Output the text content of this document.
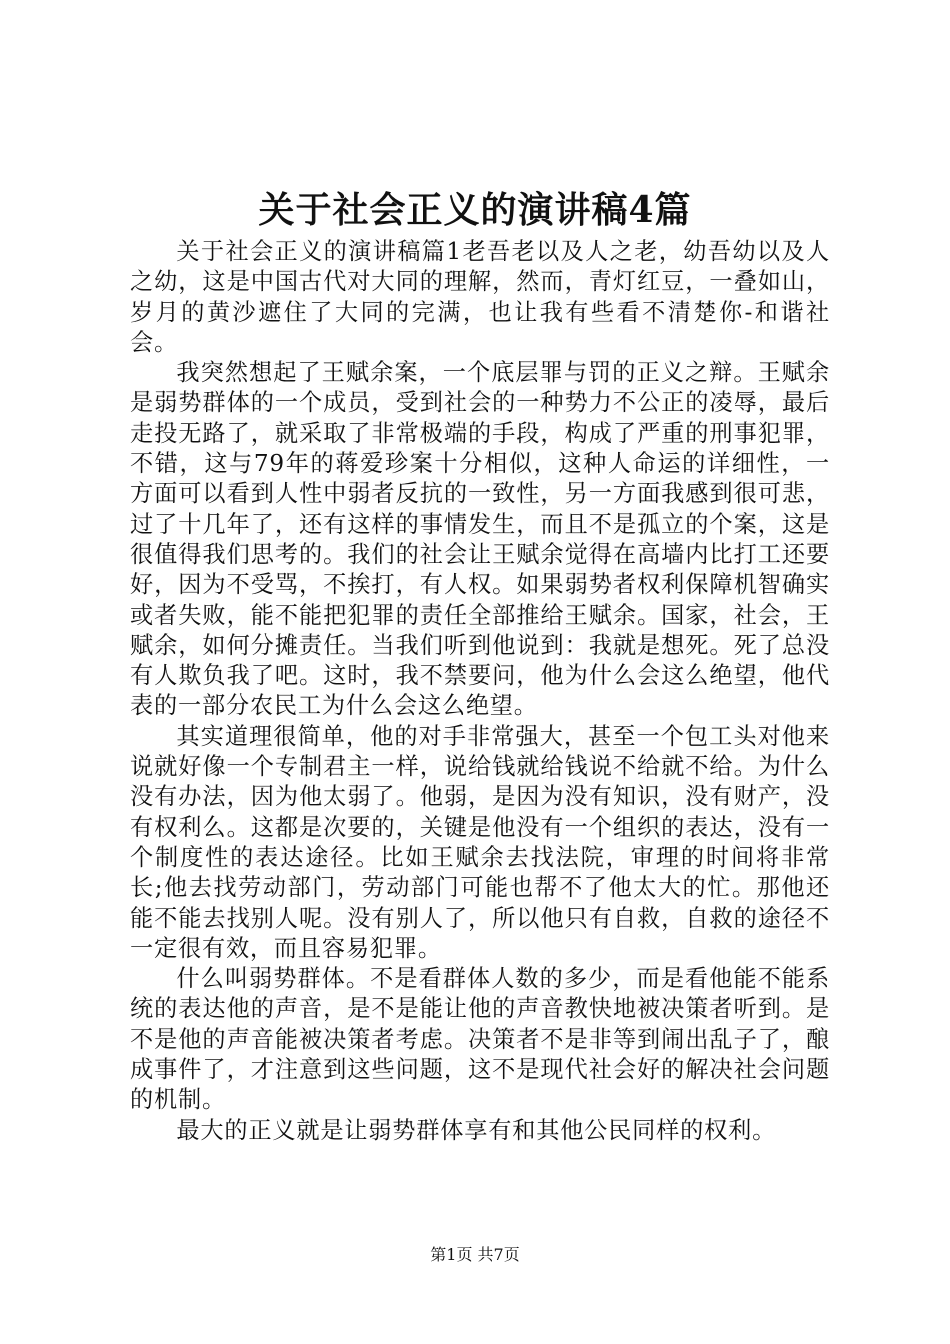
关于社会正义的演讲稿4篇

关于社会正义的演讲稿篇1老吾老以及人之老，幼吾幼以及人之幼，这是中国古代对大同的理解，然而，青灯红豆，一叠如山，岁月的黄沙遮住了大同的完满，也让我有些看不清楚你-和谐社会。

我突然想起了王赋余案，一个底层罪与罚的正义之辩。王赋余是弱势群体的一个成员，受到社会的一种势力不公正的凌辱，最后走投无路了，就采取了非常极端的手段，构成了严重的刑事犯罪，不错，这与79年的蒋爱珍案十分相似，这种人命运的详细性，一方面可以看到人性中弱者反抗的一致性，另一方面我感到很可悲，过了十几年了，还有这样的事情发生，而且不是孤立的个案，这是很值得我们思考的。我们的社会让王赋余觉得在高墙内比打工还要好，因为不受骂，不挨打，有人权。如果弱势者权利保障机智确实或者失败，能不能把犯罪的责任全部推给王赋余。国家，社会，王赋余，如何分摊责任。当我们听到他说到：我就是想死。死了总没有人欺负我了吧。这时，我不禁要问，他为什么会这么绝望，他代表的一部分农民工为什么会这么绝望。

其实道理很简单，他的对手非常强大，甚至一个包工头对他来说就好像一个专制君主一样，说给钱就给钱说不给就不给。为什么没有办法，因为他太弱了。他弱，是因为没有知识，没有财产，没有权利么。这都是次要的，关键是他没有一个组织的表达，没有一个制度性的表达途径。比如王赋余去找法院，审理的时间将非常长;他去找劳动部门，劳动部门可能也帮不了他太大的忙。那他还能不能去找别人呢。没有别人了，所以他只有自救，自救的途径不一定很有效，而且容易犯罪。

什么叫弱势群体。不是看群体人数的多少，而是看他能不能系统的表达他的声音，是不是能让他的声音教快地被决策者听到。是不是他的声音能被决策者考虑。决策者不是非等到闹出乱子了，酿成事件了，才注意到这些问题，这不是现代社会好的解决社会问题的机制。

最大的正义就是让弱势群体享有和其他公民同样的权利。

第1页 共7页
